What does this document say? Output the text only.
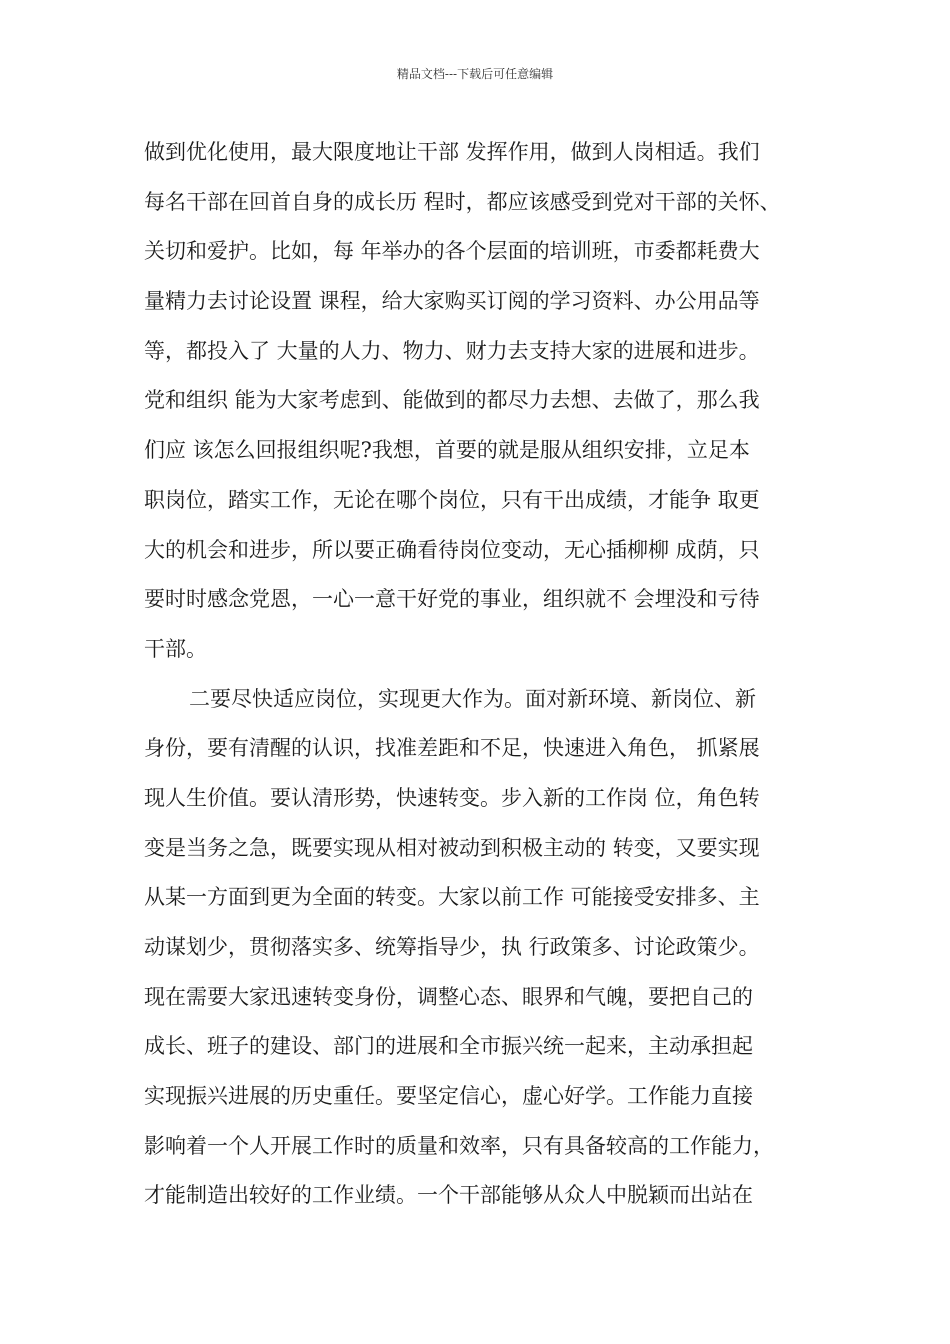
精品文档---下载后可任意编辑
做到优化使用，最大限度地让干部 发挥作用，做到人岗相适。我们
每名干部在回首自身的成长历 程时，都应该感受到党对干部的关怀、
关切和爱护。比如，每 年举办的各个层面的培训班，市委都耗费大
量精力去讨论设置 课程，给大家购买订阅的学习资料、办公用品等
等，都投入了 大量的人力、物力、财力去支持大家的进展和进步。
党和组织 能为大家考虑到、能做到的都尽力去想、去做了，那么我
们应 该怎么回报组织呢?我想，首要的就是服从组织安排，立足本
职岗位，踏实工作，无论在哪个岗位，只有干出成绩，才能争 取更
大的机会和进步，所以要正确看待岗位变动，无心插柳柳 成荫，只
要时时感念党恩，一心一意干好党的事业，组织就不 会埋没和亏待
干部。
二要尽快适应岗位，实现更大作为。面对新环境、新岗位、新
身份，要有清醒的认识，找准差距和不足，快速进入角色， 抓紧展
现人生价值。要认清形势，快速转变。步入新的工作岗 位，角色转
变是当务之急，既要实现从相对被动到积极主动的 转变，又要实现
从某一方面到更为全面的转变。大家以前工作 可能接受安排多、主
动谋划少，贯彻落实多、统筹指导少，执 行政策多、讨论政策少。
现在需要大家迅速转变身份，调整心态、眼界和气魄，要把自己的
成长、班子的建设、部门的进展和全市振兴统一起来，主动承担起
实现振兴进展的历史重任。要坚定信心，虚心好学。工作能力直接
影响着一个人开展工作时的质量和效率，只有具备较高的工作能力，
才能制造出较好的工作业绩。一个干部能够从众人中脱颖而出站在
